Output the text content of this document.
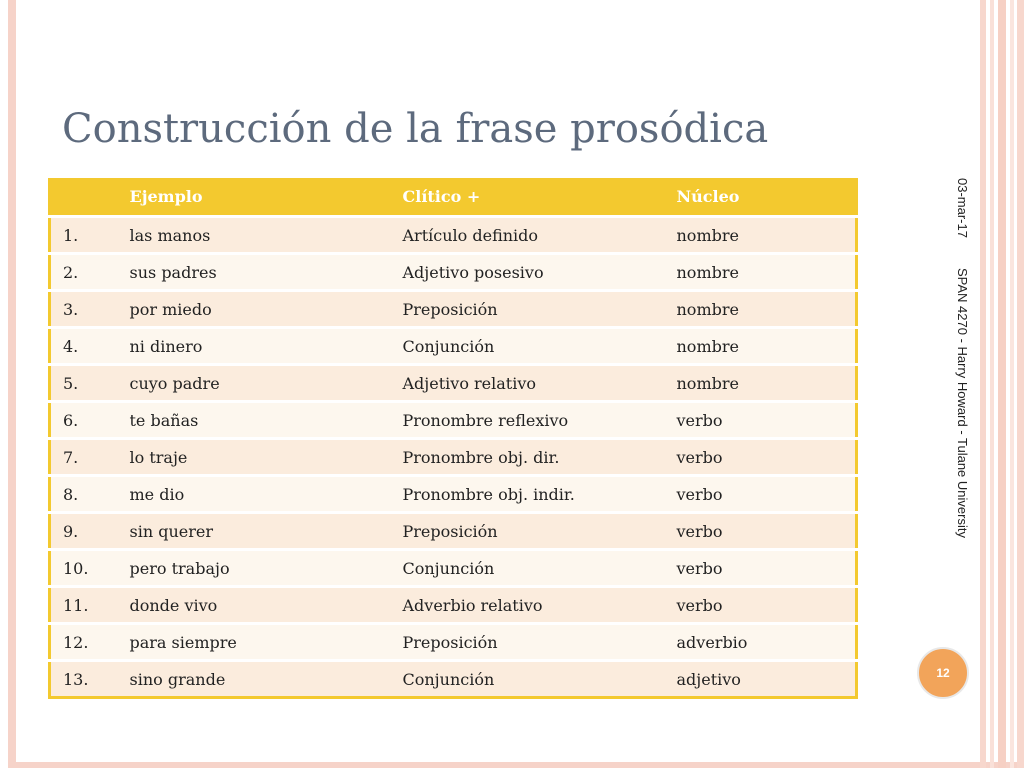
Construcción de la frase prosódica
	Ejemplo	Clítico +	Núcleo
1.	las manos	Artículo definido	nombre
2.	sus padres	Adjetivo posesivo	nombre
3.	por miedo	Preposición	nombre
4.	ni dinero	Conjunción	nombre
5.	cuyo padre	Adjetivo relativo	nombre
6.	te bañas	Pronombre reflexivo	verbo
7.	lo traje	Pronombre obj. dir.	verbo
8.	me dio	Pronombre obj. indir.	verbo
9.	sin querer	Preposición	verbo
10.	pero trabajo	Conjunción	verbo
11.	donde vivo	Adverbio relativo	verbo
12.	para siempre	Preposición	adverbio
13.	sino grande	Conjunción	adjetivo
03-mar-17
SPAN 4270 - Harry Howard - Tulane University
12
